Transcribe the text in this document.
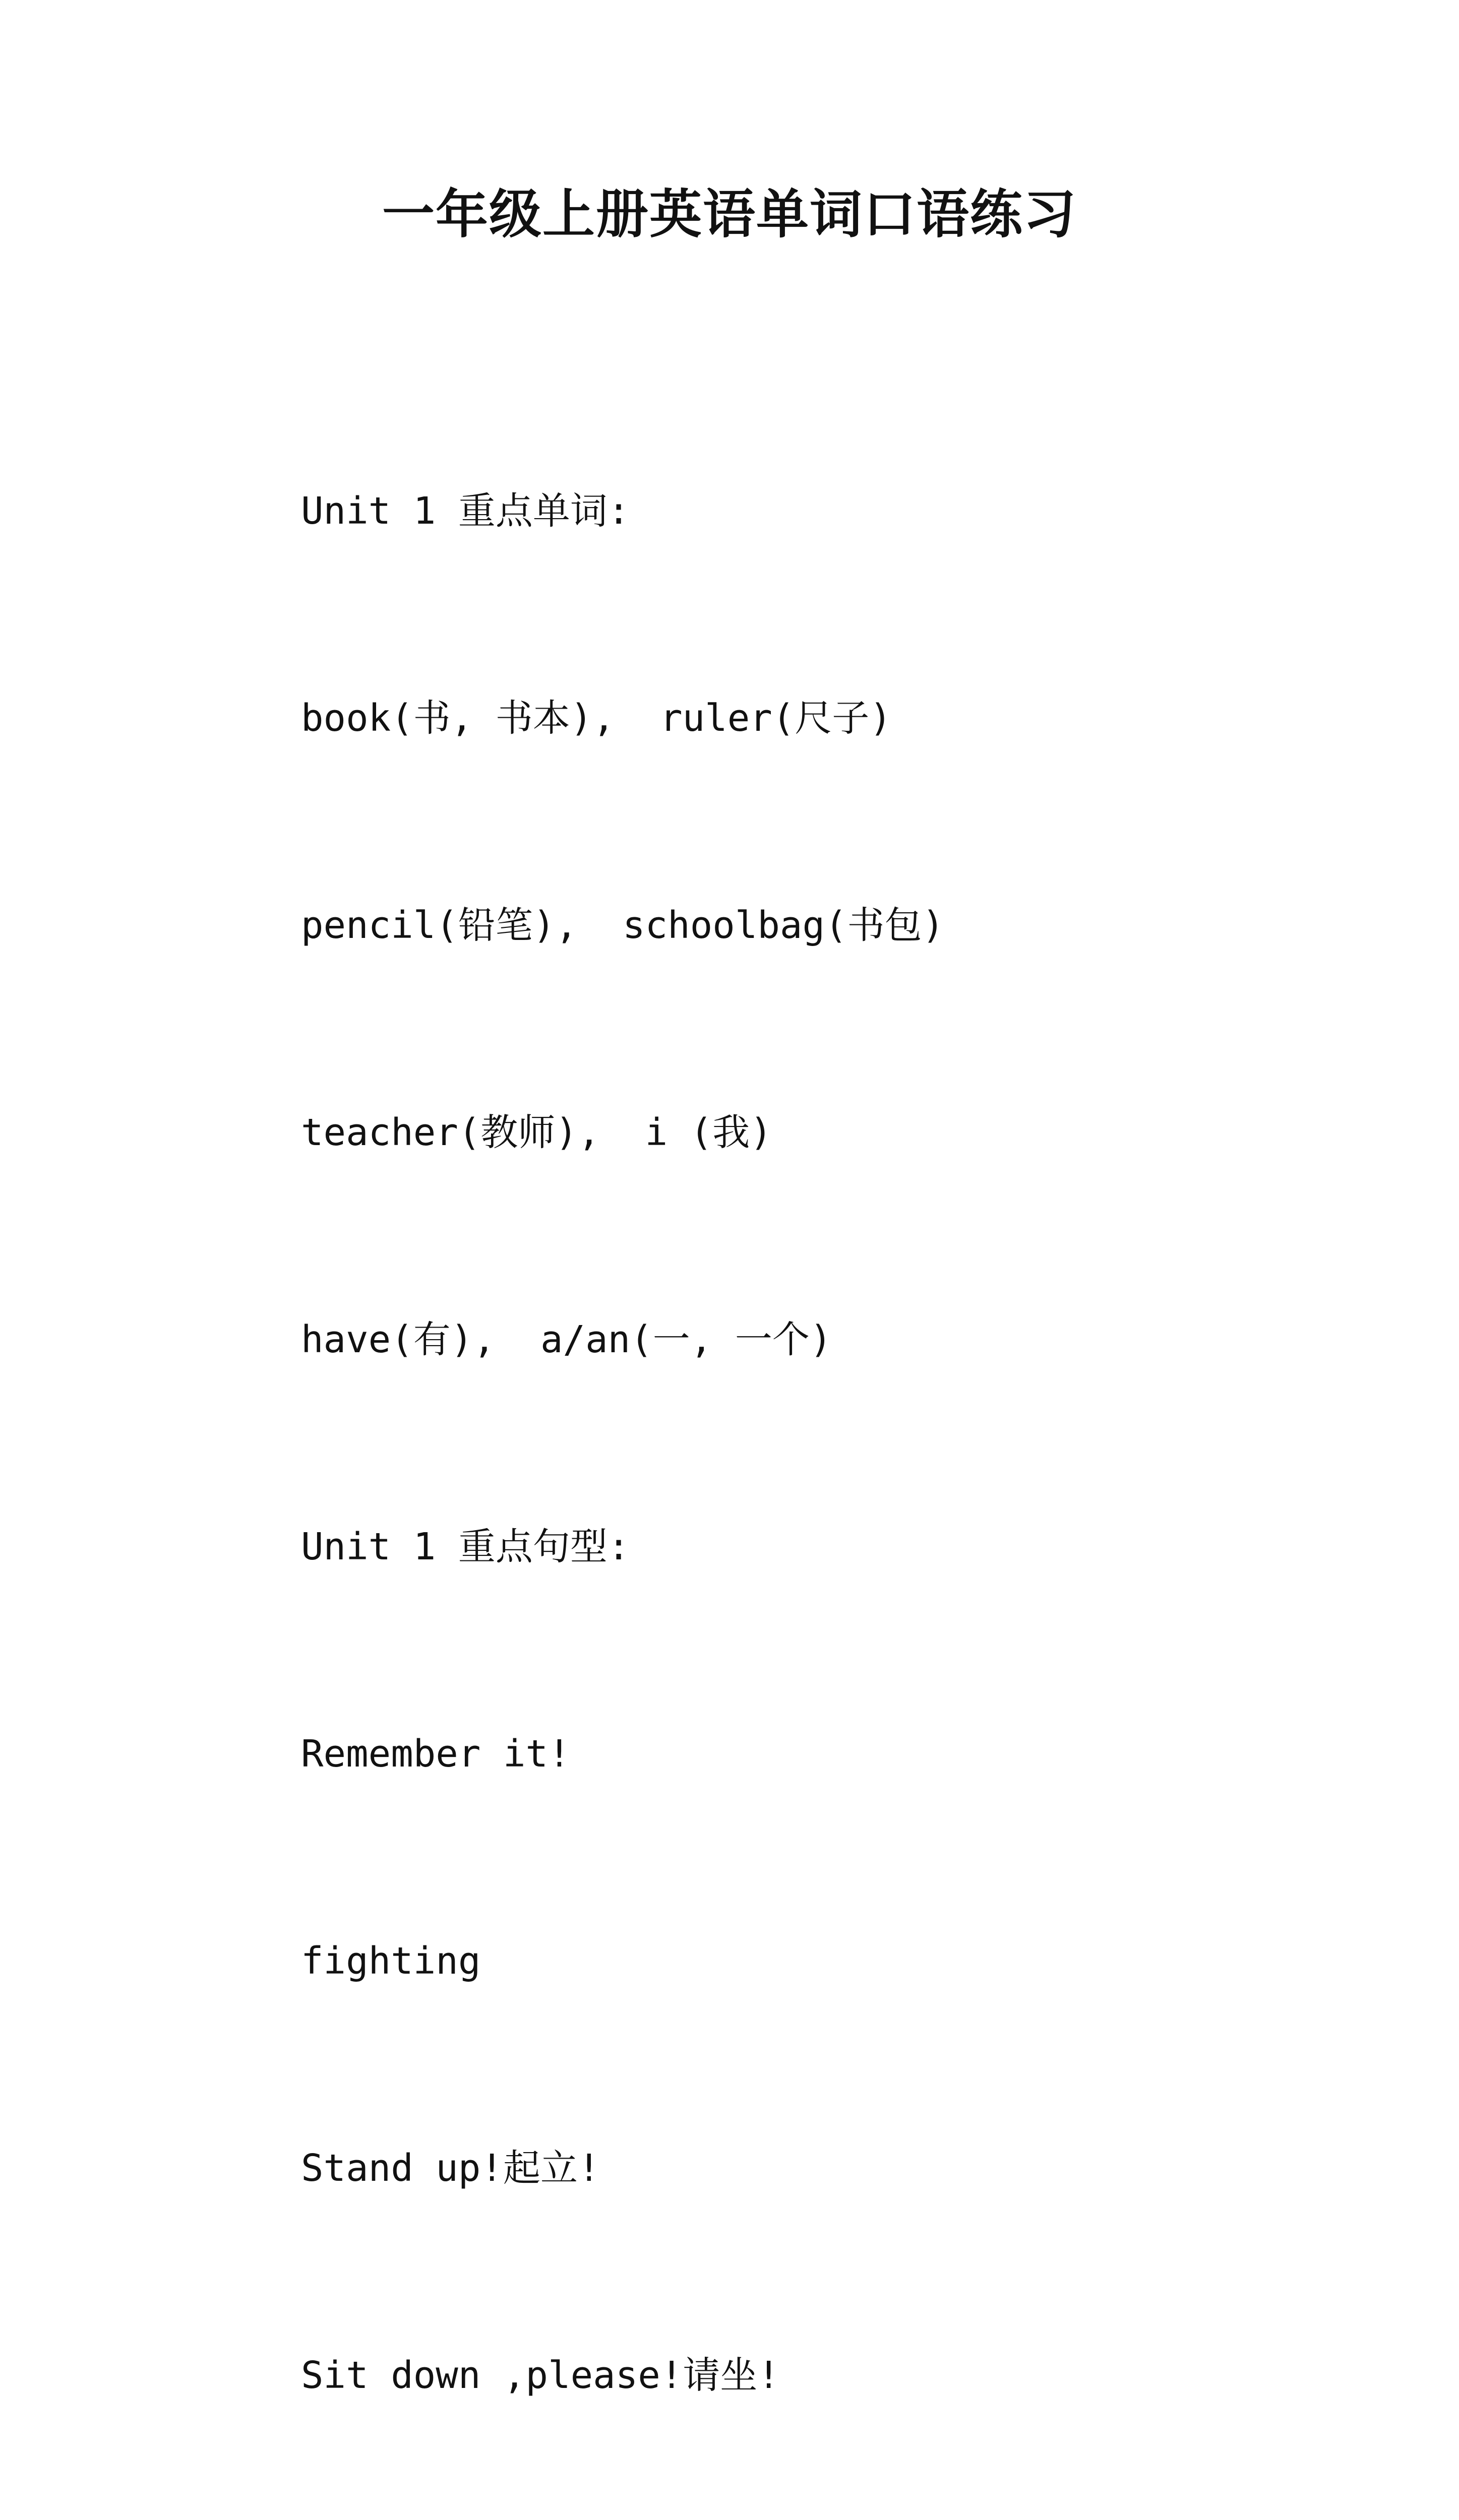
一年级上册英语单词口语练习

Unit 1 重点单词:

book(书, 书本),  ruler(尺子)

pencil(铅笔),  schoolbag(书包)

teacher(教师),  i (我)

have(有),  a/an(一, 一个)

Unit 1 重点句型:

Remember it!

fighting

Stand up!起立!

Sit down ,please!请坐!
